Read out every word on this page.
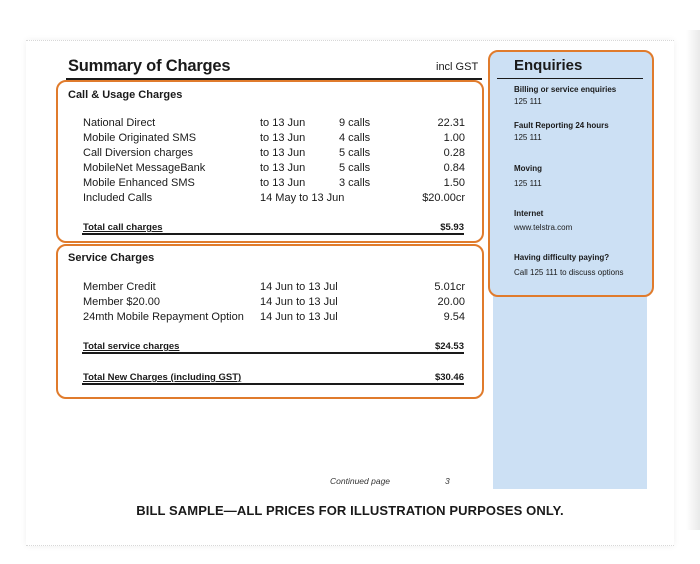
Summary of Charges	incl GST Enquiries
Billing or service enquiries
125 111
Fault Reporting 24 hours
125 111
Moving
125 111
Internet
www.telstra.com
Having difficulty paying?
Call 125 111 to discuss options
Call & Usage Charges
National Direct	to 13 Jun	9 calls	22.31
Mobile Originated SMS	to 13 Jun	4 calls	1.00
Call Diversion charges	to 13 Jun	5 calls	0.28
MobileNet MessageBank	to 13 Jun	5 calls	0.84
Mobile Enhanced SMS	to 13 Jun	3 calls	1.50
Included Calls	14 May to 13 Jun	$20.00cr
Total call charges	$5.93
Service Charges
Member Credit	14 Jun to 13 Jul	5.01cr
Member $20.00	14 Jun to 13 Jul	20.00
24mth Mobile Repayment Option 14 Jun to 13 Jul	9.54
Total service charges	$24.53
Total New Charges (including GST)	$30.46
Continued page	3
BILL SAMPLE—ALL PRICES FOR ILLUSTRATION PURPOSES ONLY.
